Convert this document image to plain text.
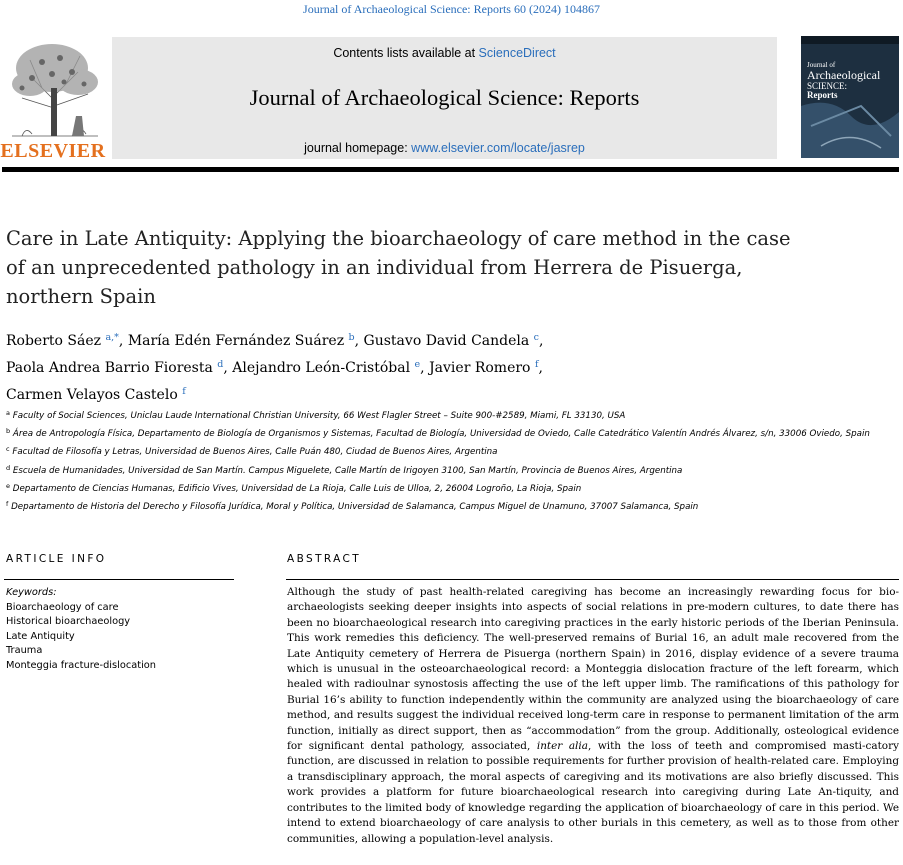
Journal of Archaeological Science: Reports 60 (2024) 104867
ELSEVIER
Contents lists available at ScienceDirect
Journal of Archaeological Science: Reports
journal homepage: www.elsevier.com/locate/jasrep
Journal of
Archaeological
SCIENCE:
Reports
Care in Late Antiquity: Applying the bioarchaeology of care method in the case of an unprecedented pathology in an individual from Herrera de Pisuerga, northern Spain
Roberto Sáez $^{a,*}$, María Edén Fernández Suárez $^b$, Gustavo David Candela $^c$,
Paola Andrea Barrio Fioresta $^d$, Alejandro León-Cristóbal $^e$, Javier Romero $^f$,
Carmen Velayos Castelo $^f$
$^a$ Faculty of Social Sciences, Uniclau Laude International Christian University, 66 West Flagler Street – Suite 900-#2589, Miami, FL 33130, USA
$^b$ Área de Antropología Física, Departamento de Biología de Organismos y Sistemas, Facultad de Biología, Universidad de Oviedo, Calle Catedrático Valentín Andrés Álvarez, s/n, 33006 Oviedo, Spain
$^c$ Facultad de Filosofía y Letras, Universidad de Buenos Aires, Calle Puán 480, Ciudad de Buenos Aires, Argentina
$^d$ Escuela de Humanidades, Universidad de San Martín. Campus Miguelete, Calle Martín de Irigoyen 3100, San Martín, Provincia de Buenos Aires, Argentina
$^e$ Departamento de Ciencias Humanas, Edificio Vives, Universidad de La Rioja, Calle Luis de Ulloa, 2, 26004 Logroño, La Rioja, Spain
$^f$ Departamento de Historia del Derecho y Filosofía Jurídica, Moral y Política, Universidad de Salamanca, Campus Miguel de Unamuno, 37007 Salamanca, Spain
ARTICLE INFO	ABSTRACT
Keywords:
Bioarchaeology of care
Historical bioarchaeology
Late Antiquity
Trauma
Monteggia fracture-dislocation
Although the study of past health-related caregiving has become an increasingly rewarding focus for bio-archaeologists seeking deeper insights into aspects of social relations in pre-modern cultures, to date there has been no bioarchaeological research into caregiving practices in the early historic periods of the Iberian Peninsula. This work remedies this deficiency. The well-preserved remains of Burial 16, an adult male recovered from the Late Antiquity cemetery of Herrera de Pisuerga (northern Spain) in 2016, display evidence of a severe trauma which is unusual in the osteoarchaeological record: a Monteggia dislocation fracture of the left forearm, which healed with radioulnar synostosis affecting the use of the left upper limb. The ramifications of this pathology for Burial 16’s ability to function independently within the community are analyzed using the bioarchaeology of care method, and results suggest the individual received long-term care in response to permanent limitation of the arm function, initially as direct support, then as “accommodation” from the group. Additionally, osteological evidence for significant dental pathology, associated, inter alia, with the loss of teeth and compromised masti-catory function, are discussed in relation to possible requirements for further provision of health-related care. Employing a transdisciplinary approach, the moral aspects of caregiving and its motivations are also briefly discussed. This work provides a platform for future bioarchaeological research into caregiving during Late An-tiquity, and contributes to the limited body of knowledge regarding the application of bioarchaeology of care in this period. We intend to extend bioarchaeology of care analysis to other burials in this cemetery, as well as to those from other communities, allowing a population-level analysis.
